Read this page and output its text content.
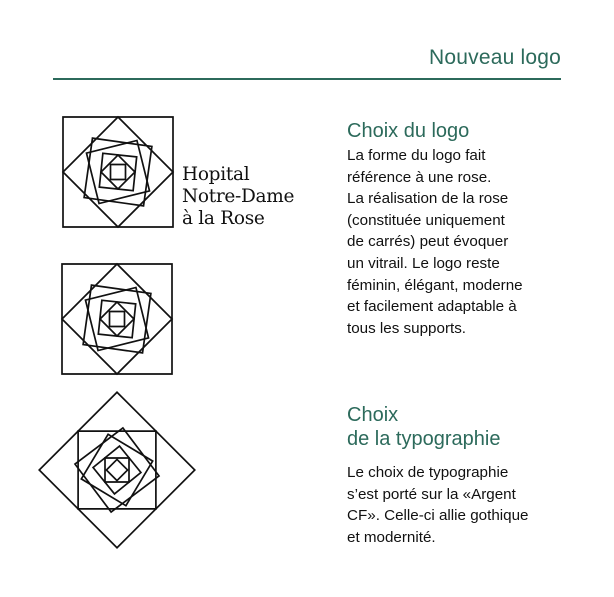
Nouveau logo
Hopital
Notre-Dame
à la Rose
Choix du logo
La forme du logo fait
référence à une rose.
La réalisation de la rose
(constituée uniquement
de carrés) peut évoquer
un vitrail. Le logo reste
féminin, élégant, moderne
et facilement adaptable à
tous les supports.
Choix
de la typographie
Le choix de typographie
s’est porté sur la «Argent
CF». Celle-ci allie gothique
et modernité.
